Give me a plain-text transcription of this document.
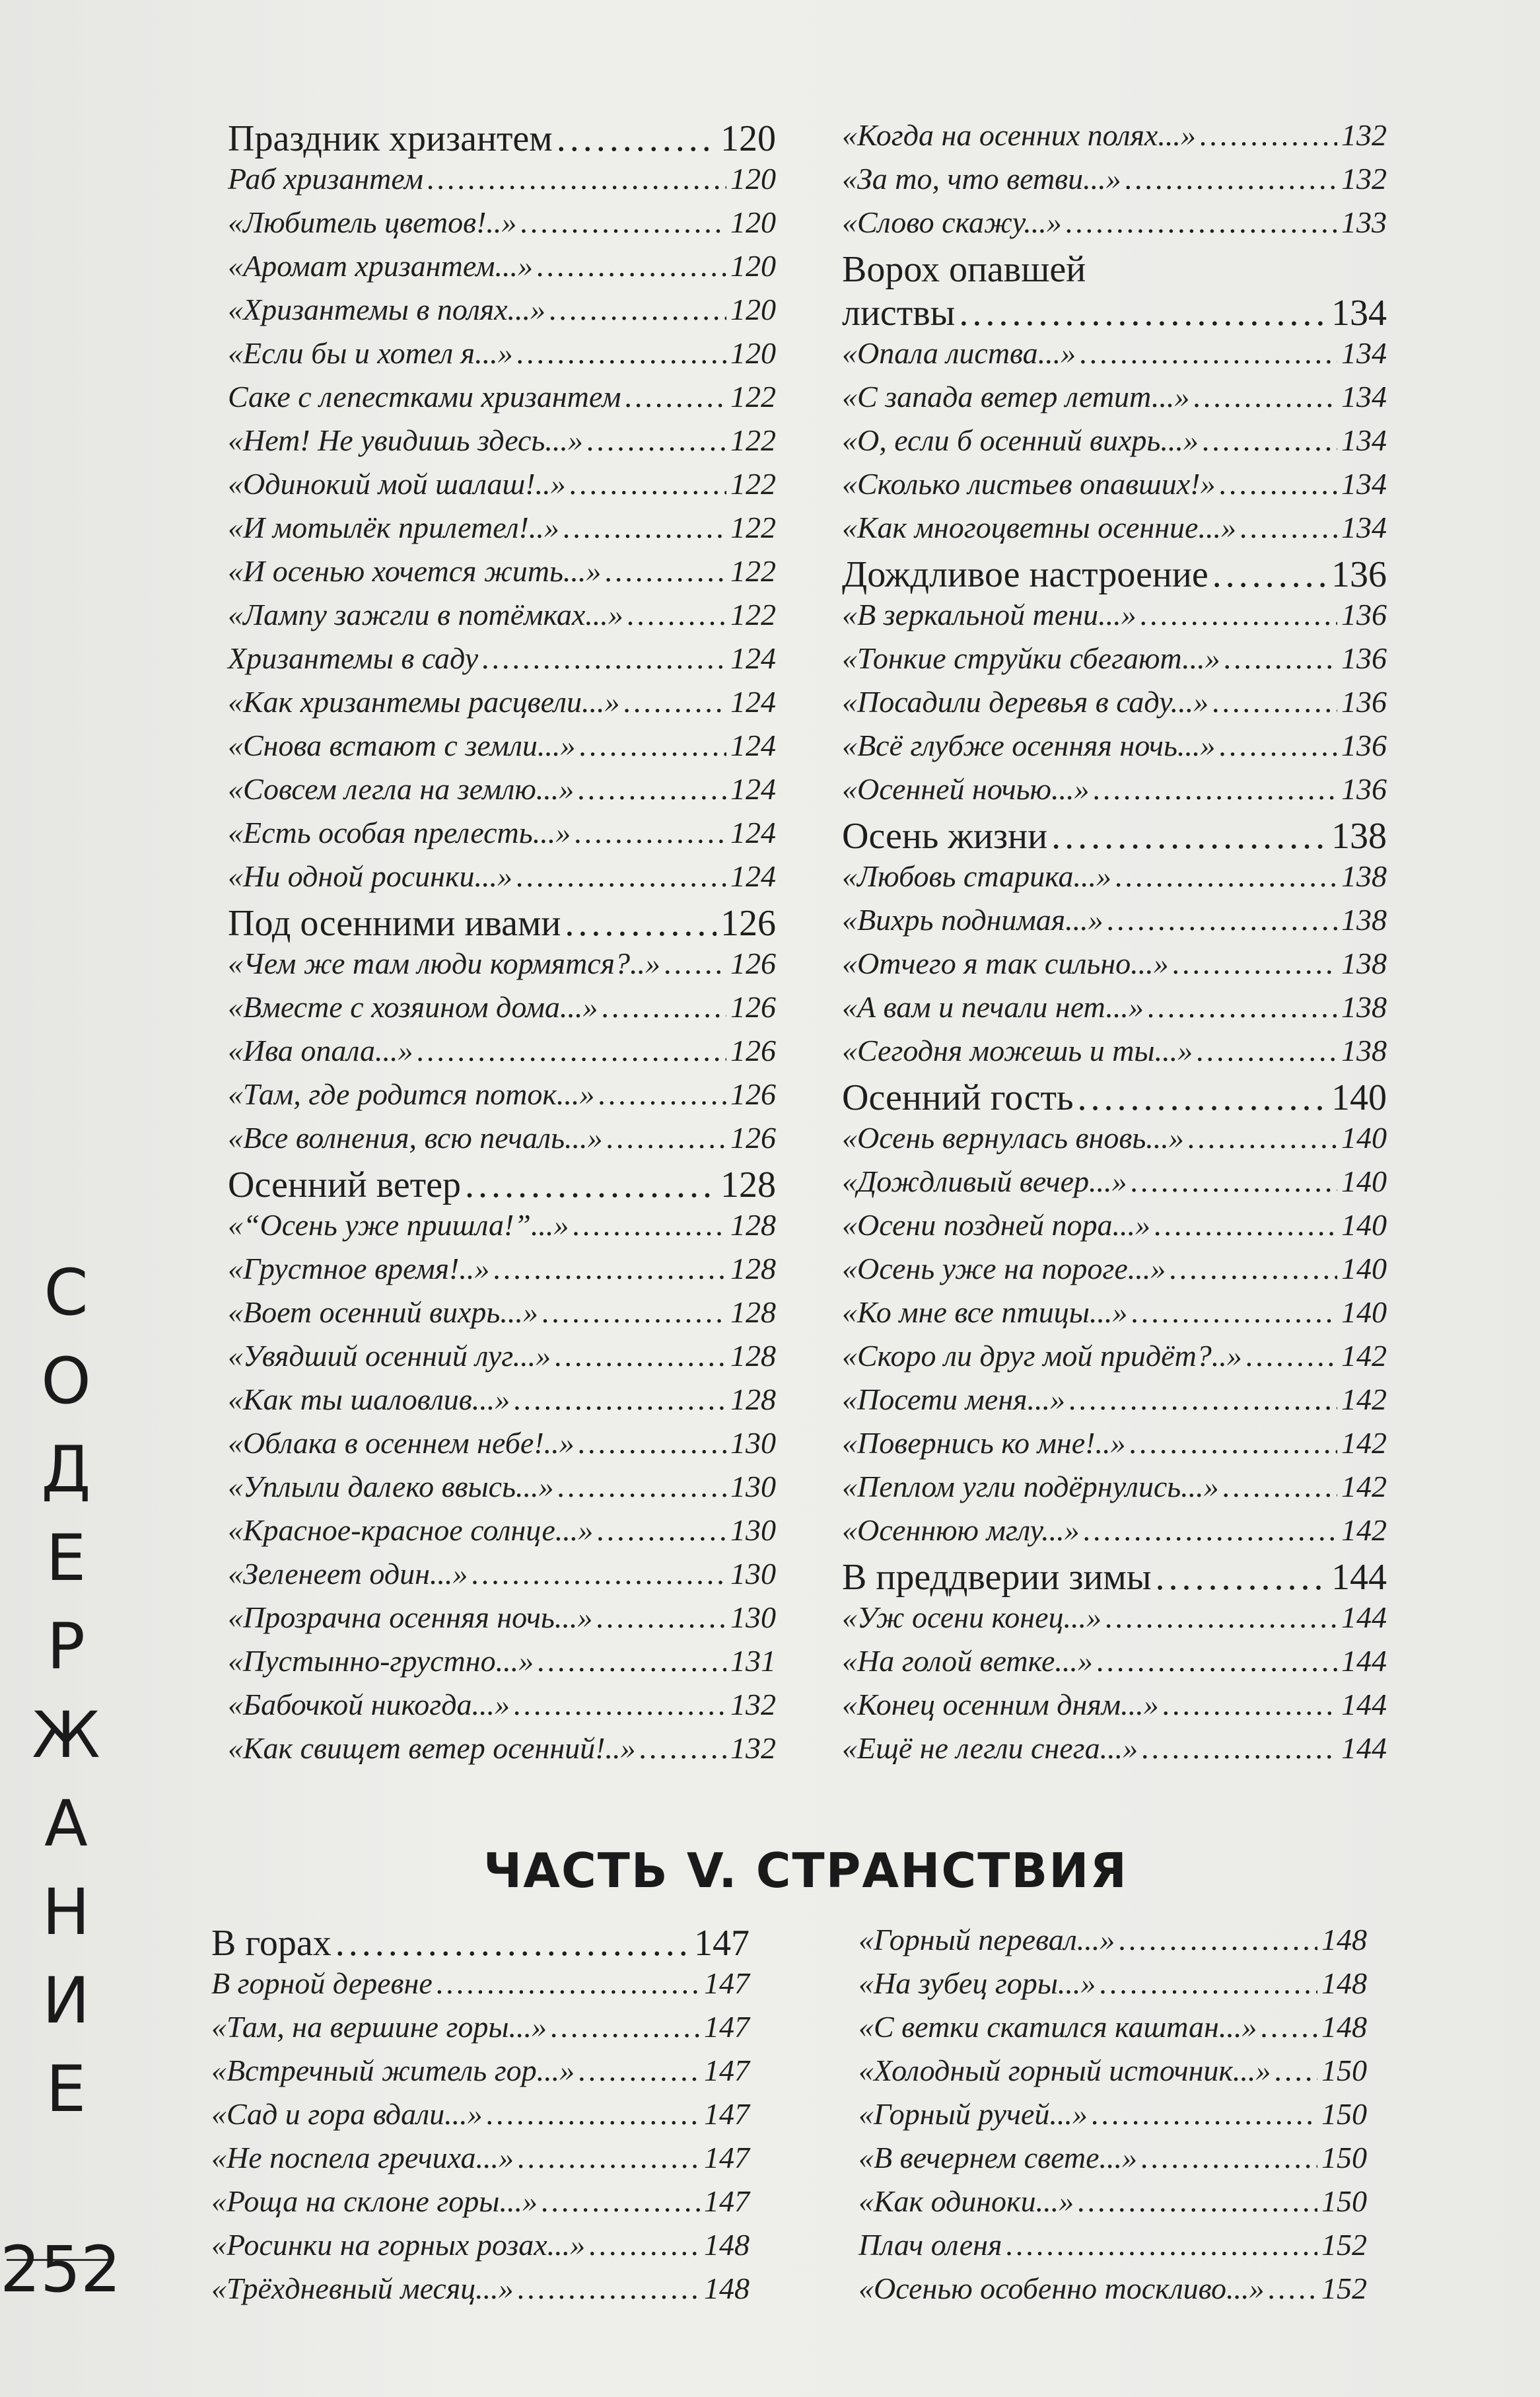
Праздник хризантем .....	120
Раб хризантем .....	120
«Любитель цветов!..» .....	120
«Аромат хризантем...» .....	120
«Хризантемы в полях...» .....	120
«Если бы и хотел я...» .....	120
Саке с лепестками хризантем .....	122
«Нет! Не увидишь здесь...» .....	122
«Одинокий мой шалаш!..» .....	122
«И мотылёк прилетел!..» .....	122
«И осенью хочется жить...» .....	122
«Лампу зажгли в потёмках...» .....	122
Хризантемы в саду .....	124
«Как хризантемы расцвели...» .....	124
«Снова встают с земли...» .....	124
«Совсем легла на землю...» .....	124
«Есть особая прелесть...» .....	124
«Ни одной росинки...» .....	124
Под осенними ивами .....	126
«Чем же там люди кормятся?..» ..... 126
«Вместе с хозяином дома...» .....	126
«Ива опала...» .....	126
«Там, где родится поток...» .....	126
«Все волнения, всю печаль...» .....	126
Осенний ветер .....	128
«“Осень уже пришла!”...» .....	128
«Грустное время!..» .....	128
«Воет осенний вихрь...» .....	128
«Увядший осенний луг...» .....	128
«Как ты шаловлив...» .....	128
«Облака в осеннем небе!..» .....	130
«Уплыли далеко ввысь...» .....	130
«Красное-красное солнце...» .....	130
«Зеленеет один...» .....	130
«Прозрачна осенняя ночь...» .....	130
«Пустынно-грустно...» .....	131
«Бабочкой никогда...» .....	132
«Как свищет ветер осенний!..» .....	132
«Когда на осенних полях...» .....	132
«За то, что ветви...» .....	132
«Слово скажу...» .....	133
Ворох опавшей
листвы .....	134
«Опала листва...» .....	134
«С запада ветер летит...» .....	134
«О, если б осенний вихрь...» .....	134
«Сколько листьев опавших!» .....	134
«Как многоцветны осенние...» .....	134
Дождливое настроение .....	136
«В зеркальной тени...» .....	136
«Тонкие струйки сбегают...» .....	136
«Посадили деревья в саду...» .....	136
«Всё глубже осенняя ночь...» .....	136
«Осенней ночью...» .....	136
Осень жизни .....	138
«Любовь старика...» .....	138
«Вихрь поднимая...» .....	138
«Отчего я так сильно...» .....	138
«А вам и печали нет...» .....	138
«Сегодня можешь и ты...» .....	138
Осенний гость .....	140
«Осень вернулась вновь...» .....	140
«Дождливый вечер...» .....	140
«Осени поздней пора...» .....	140
«Осень уже на пороге...» .....	140
«Ко мне все птицы...» .....	140
«Скоро ли друг мой придёт?..» .....	142
«Посети меня...» .....	142
«Повернись ко мне!..» .....	142
«Пеплом угли подёрнулись...» .....	142
«Осеннюю мглу...» .....	142
В преддверии зимы .....	144
«Уж осени конец...» .....	144
«На голой ветке...» .....	144
«Конец осенним дням...» .....	144
«Ещё не легли снега...» .....	144
ЧАСТЬ V. СТРАНСТВИЯ
В горах .....	147
В горной деревне .....	147
«Там, на вершине горы...» .....	147
«Встречный житель гор...» .....	147
«Сад и гора вдали...» .....	147
«Не поспела гречиха...» .....	147
«Роща на склоне горы...» .....	147
«Росинки на горных розах...» .....	148
«Трёхдневный месяц...» .....	148
«Горный перевал...» .....	148
«На зубец горы...» .....	148
«С ветки скатился каштан...» ..... 148
«Холодный горный источник...» ..... 150
«Горный ручей...» .....	150
«В вечернем свете...» .....	150
«Как одиноки...» .....	150
Плач оленя .....	152
«Осенью особенно тоскливо...» ..... 152
С
О
Д
Е
Р
Ж
А
Н
И
Е
252
